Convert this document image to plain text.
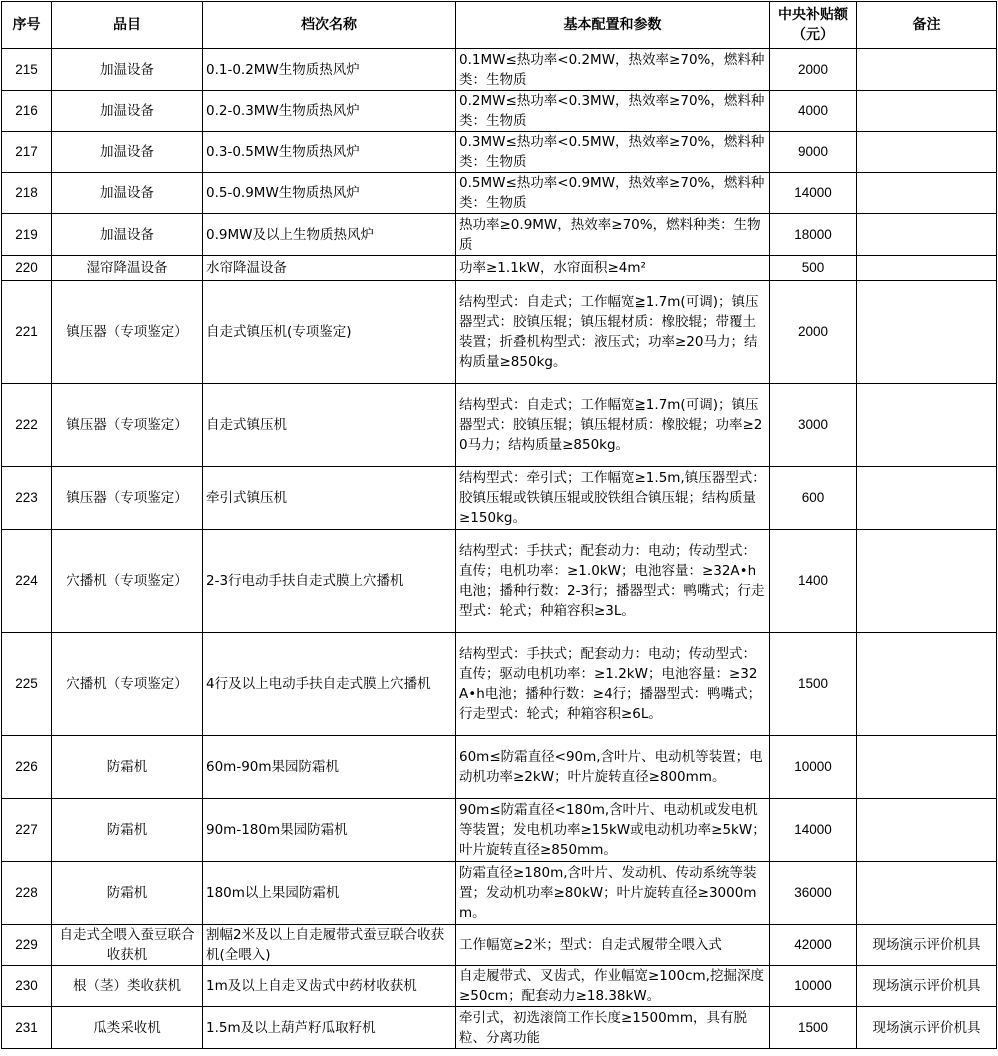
序号	品目	档次名称	基本配置和参数	中央补贴额（元）	备注
215	加温设备	0.1-0.2MW生物质热风炉	0.1MW≤热功率<0.2MW，热效率≥70%，燃料种类：生物质	2000	
216	加温设备	0.2-0.3MW生物质热风炉	0.2MW≤热功率<0.3MW，热效率≥70%，燃料种类：生物质	4000	
217	加温设备	0.3-0.5MW生物质热风炉	0.3MW≤热功率<0.5MW，热效率≥70%，燃料种类：生物质	9000	
218	加温设备	0.5-0.9MW生物质热风炉	0.5MW≤热功率<0.9MW，热效率≥70%，燃料种类：生物质	14000	
219	加温设备	0.9MW及以上生物质热风炉	热功率≥0.9MW，热效率≥70%，燃料种类：生物质	18000	
220	湿帘降温设备	水帘降温设备	功率≥1.1kW，水帘面积≥4m²	500	
221	镇压器（专项鉴定）	自走式镇压机(专项鉴定)	结构型式：自走式；工作幅宽≧1.7m(可调)；镇压器型式：胶镇压辊；镇压辊材质：橡胶辊；带覆土装置；折叠机构型式：液压式；功率≥20马力；结构质量≥850kg。	2000	
222	镇压器（专项鉴定）	自走式镇压机	结构型式：自走式；工作幅宽≧1.7m(可调)；镇压器型式：胶镇压辊；镇压辊材质：橡胶辊；功率≥20马力；结构质量≥850kg。	3000	
223	镇压器（专项鉴定）	牵引式镇压机	结构型式：牵引式；工作幅宽≥1.5m,镇压器型式：胶镇压辊或铁镇压辊或胶铁组合镇压辊；结构质量≥150kg。	600	
224	穴播机（专项鉴定）	2-3行电动手扶自走式膜上穴播机	结构型式：手扶式；配套动力：电动；传动型式：直传；电机功率：≥1.0kW；电池容量：≥32A•h电池；播种行数：2-3行；播器型式：鸭嘴式；行走型式：轮式；种箱容积≥3L。	1400	
225	穴播机（专项鉴定）	4行及以上电动手扶自走式膜上穴播机	结构型式：手扶式；配套动力：电动；传动型式：直传；驱动电机功率：≥1.2kW；电池容量：≥32A•h电池；播种行数：≥4行；播器型式：鸭嘴式；行走型式：轮式；种箱容积≥6L。	1500	
226	防霜机	60m-90m果园防霜机	60m≤防霜直径<90m,含叶片、电动机等装置；电动机功率≥2kW；叶片旋转直径≥800mm。	10000	
227	防霜机	90m-180m果园防霜机	90m≤防霜直径<180m,含叶片、电动机或发电机等装置；发电机功率≥15kW或电动机功率≥5kW；叶片旋转直径≥850mm。	14000	
228	防霜机	180m以上果园防霜机	防霜直径≥180m,含叶片、发动机、传动系统等装置；发动机功率≥80kW；叶片旋转直径≥3000mm。	36000	
229	自走式全喂入蚕豆联合收获机	割幅2米及以上自走履带式蚕豆联合收获机(全喂入)	工作幅宽≥2米；型式：自走式履带全喂入式	42000	现场演示评价机具
230	根（茎）类收获机	1m及以上自走叉齿式中药材收获机	自走履带式、叉齿式，作业幅宽≥100cm,挖掘深度≥50cm；配套动力≥18.38kW。	10000	现场演示评价机具
231	瓜类采收机	1.5m及以上葫芦籽瓜取籽机	牵引式，初选滚筒工作长度≥1500mm，具有脱粒、分离功能	1500	现场演示评价机具
